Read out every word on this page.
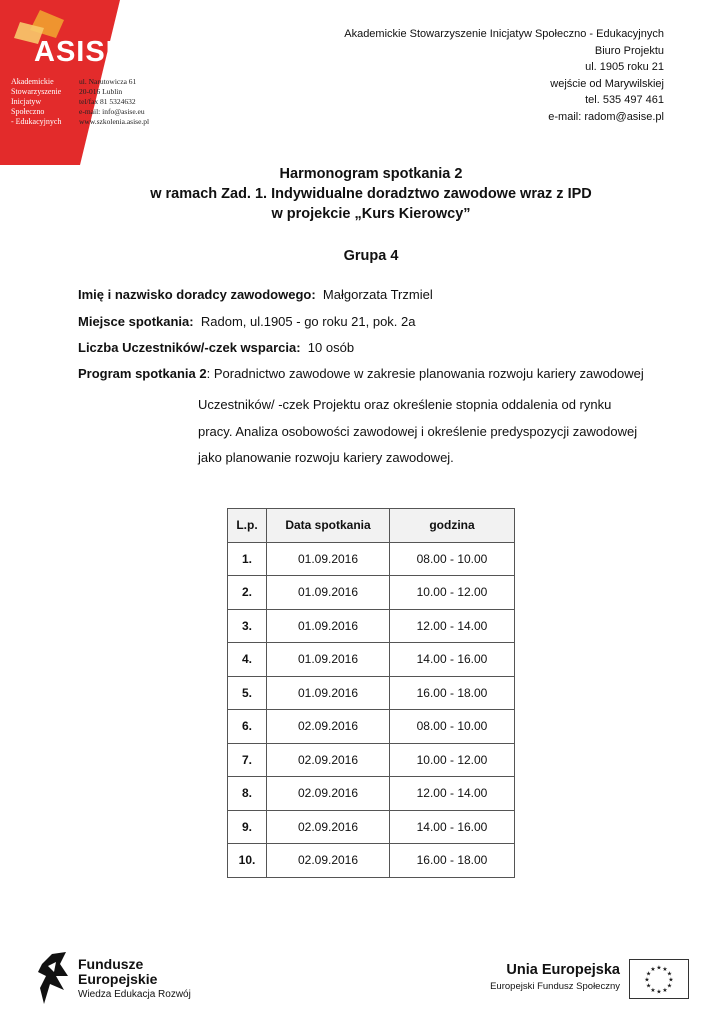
ASISE
Akademickie
Stowarzyszenie
Inicjatyw
Społeczno
- Edukacyjnych
ul. Narutowicza 61
20-016 Lublin
tel/fax 81 5324632
e-mail: info@asise.eu
www.szkolenia.asise.pl
Akademickie Stowarzyszenie Inicjatyw Społeczno - Edukacyjnych
Biuro Projektu
ul. 1905 roku 21
wejście od Marywilskiej
tel. 535 497 461
e-mail: radom@asise.pl
Harmonogram spotkania 2
w ramach Zad. 1. Indywidualne doradztwo zawodowe wraz z IPD
w projekcie „Kurs Kierowcy”
Grupa 4
Imię i nazwisko doradcy zawodowego: Małgorzata Trzmiel
Miejsce spotkania: Radom, ul.1905 - go roku 21, pok. 2a
Liczba Uczestników/-czek wsparcia: 10 osób
Program spotkania 2: Poradnictwo zawodowe w zakresie planowania rozwoju kariery zawodowej
Uczestników/ -czek Projektu oraz określenie stopnia oddalenia od rynku
pracy. Analiza osobowości zawodowej i określenie predyspozycji zawodowej
jako planowanie rozwoju kariery zawodowej.
L.p.	Data spotkania	godzina
1.	01.09.2016	08.00 - 10.00
2.	01.09.2016	10.00 - 12.00
3.	01.09.2016	12.00 - 14.00
4.	01.09.2016	14.00 - 16.00
5.	01.09.2016	16.00 - 18.00
6.	02.09.2016	08.00 - 10.00
7.	02.09.2016	10.00 - 12.00
8.	02.09.2016	12.00 - 14.00
9.	02.09.2016	14.00 - 16.00
10.	02.09.2016	16.00 - 18.00
Fundusze
Europejskie
Wiedza Edukacja Rozwój
Unia Europejska
Europejski Fundusz Społeczny
★ ★
★
★
★
★
★
★
★
★
★
★
